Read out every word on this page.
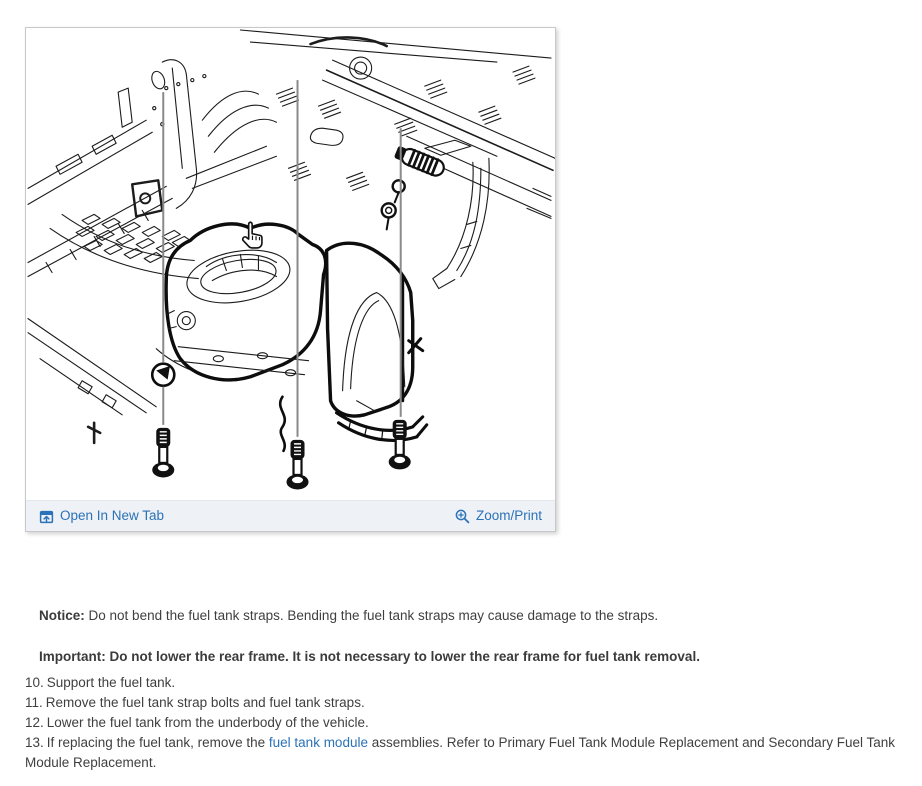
Open In New Tab	Zoom/Print

Notice: Do not bend the fuel tank straps. Bending the fuel tank straps may cause damage to the straps.

Important: Do not lower the rear frame. It is not necessary to lower the rear frame for fuel tank removal.

10. Support the fuel tank.

11. Remove the fuel tank strap bolts and fuel tank straps.

12. Lower the fuel tank from the underbody of the vehicle.

13. If replacing the fuel tank, remove the fuel tank module assemblies. Refer to Primary Fuel Tank Module Replacement and Secondary Fuel Tank Module Replacement.
